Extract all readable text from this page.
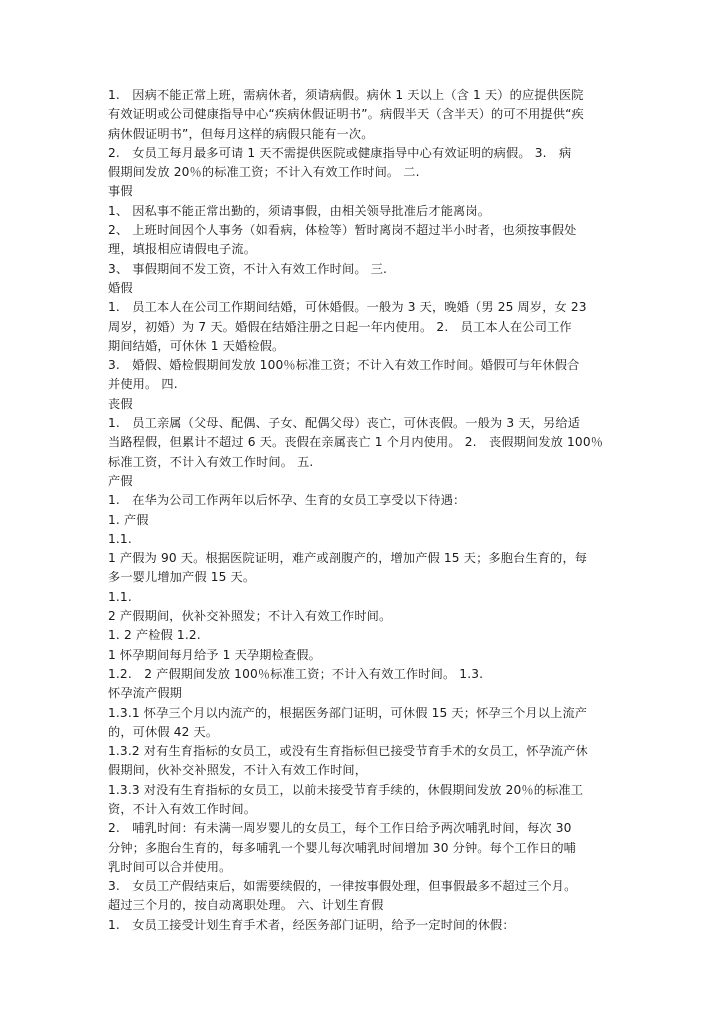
1.　因病不能正常上班，需病休者，须请病假。病休 1 天以上（含 1 天）的应提供医院
有效证明或公司健康指导中心“疾病休假证明书”。病假半天（含半天）的可不用提供“疾
病休假证明书”，但每月这样的病假只能有一次。
2.　女员工每月最多可请 1 天不需提供医院或健康指导中心有效证明的病假。 3.　病
假期间发放 20％的标准工资；不计入有效工作时间。 二.
事假
1、 因私事不能正常出勤的，须请事假，由相关领导批准后才能离岗。
2、 上班时间因个人事务（如看病，体检等）暂时离岗不超过半小时者，也须按事假处
理，填报相应请假电子流。
3、 事假期间不发工资，不计入有效工作时间。 三.
婚假
1.　员工本人在公司工作期间结婚，可休婚假。一般为 3 天，晚婚（男 25 周岁，女 23
周岁，初婚）为 7 天。婚假在结婚注册之日起一年内使用。 2.　员工本人在公司工作
期间结婚，可休休 1 天婚检假。
3.　婚假、婚检假期间发放 100％标准工资；不计入有效工作时间。婚假可与年休假合
并使用。 四.
丧假
1.　员工亲属（父母、配偶、子女、配偶父母）丧亡，可休丧假。一般为 3 天，另给适
当路程假，但累计不超过 6 天。丧假在亲属丧亡 1 个月内使用。 2.　丧假期间发放 100％
标准工资，不计入有效工作时间。 五.
产假
1.　在华为公司工作两年以后怀孕、生育的女员工享受以下待遇：
1. 产假
1.1.
1 产假为 90 天。根据医院证明，难产或剖腹产的，增加产假 15 天；多胞台生育的，每
多一婴儿增加产假 15 天。
1.1.
2 产假期间，伙补交补照发；不计入有效工作时间。
1. 2 产检假 1.2.
1 怀孕期间每月给予 1 天孕期检查假。
1.2.　2 产假期间发放 100％标准工资；不计入有效工作时间。 1.3.
怀孕流产假期
1.3.1 怀孕三个月以内流产的，根据医务部门证明，可休假 15 天；怀孕三个月以上流产
的，可休假 42 天。
1.3.2 对有生育指标的女员工，或没有生育指标但已接受节育手术的女员工，怀孕流产休
假期间，伙补交补照发，不计入有效工作时间，
1.3.3 对没有生育指标的女员工，以前未接受节育手续的，休假期间发放 20％的标准工
资，不计入有效工作时间。
2.　哺乳时间：有未满一周岁婴儿的女员工，每个工作日给予两次哺乳时间，每次 30
分钟；多胞台生育的，每多哺乳一个婴儿每次哺乳时间增加 30 分钟。每个工作日的哺
乳时间可以合并使用。
3.　女员工产假结束后，如需要续假的，一律按事假处理，但事假最多不超过三个月。
超过三个月的，按自动离职处理。 六、计划生育假
1.　女员工接受计划生育手术者，经医务部门证明，给予一定时间的休假：
